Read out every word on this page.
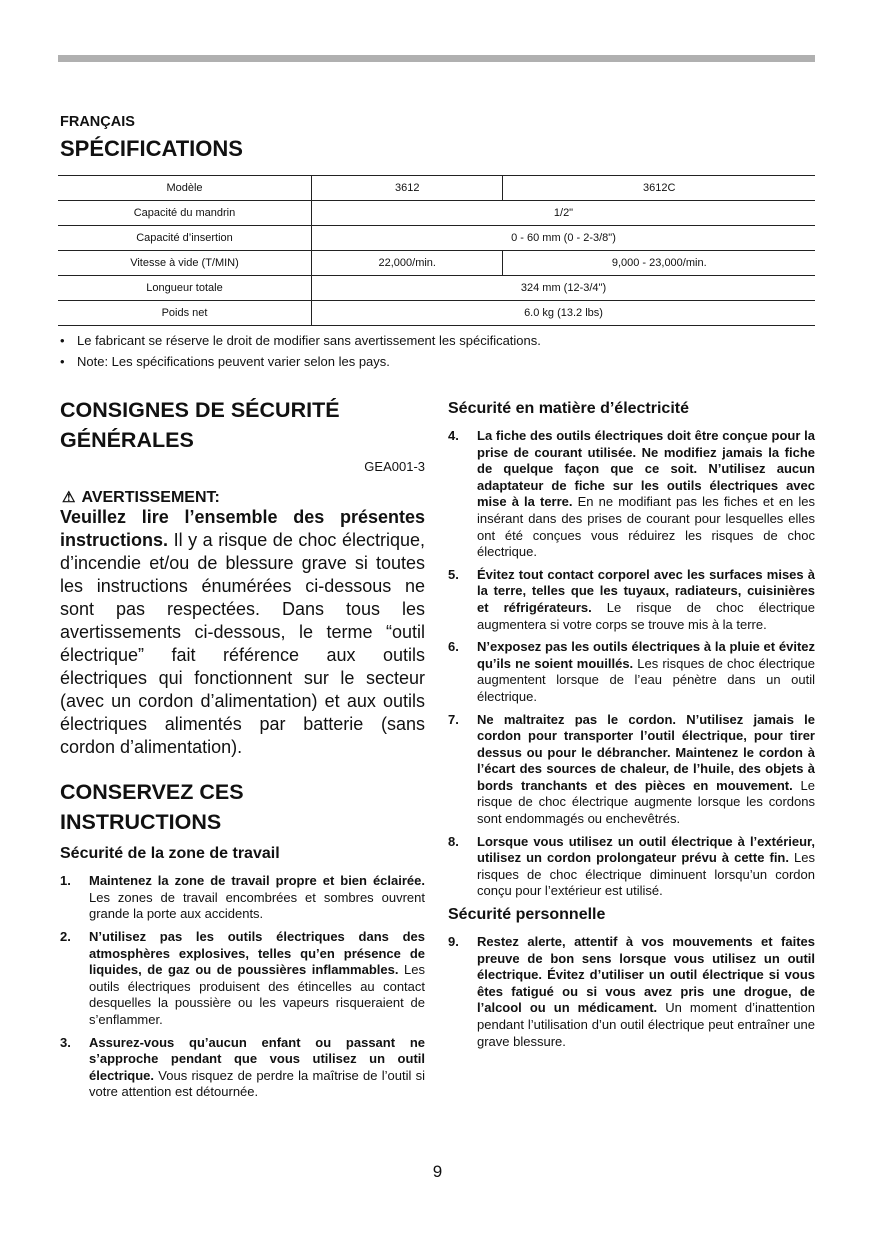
FRANÇAIS
SPÉCIFICATIONS
Modèle	3612	3612C
Capacité du mandrin	1/2"	
Capacité d’insertion	0 - 60 mm (0 - 2-3/8")	
Vitesse à vide (T/MIN)	22,000/min.	9,000 - 23,000/min.
Longueur totale	324 mm (12-3/4")	
Poids net	6.0 kg (13.2 lbs)	
• Le fabricant se réserve le droit de modifier sans avertissement les spécifications.
• Note: Les spécifications peuvent varier selon les pays.
CONSIGNES DE SÉCURITÉ GÉNÉRALES
GEA001-3
⚠ AVERTISSEMENT:
Veuillez lire l’ensemble des présentes instructions. Il y a risque de choc électrique, d’incendie et/ou de blessure grave si toutes les instructions énumérées ci-dessous ne sont pas respectées. Dans tous les avertissements ci-dessous, le terme “outil électrique” fait référence aux outils électriques qui fonctionnent sur le secteur (avec un cordon d’alimentation) et aux outils électriques alimentés par batterie (sans cordon d’alimentation).
CONSERVEZ CES INSTRUCTIONS
Sécurité de la zone de travail
1.	Maintenez la zone de travail propre et bien éclairée. Les zones de travail encombrées et sombres ouvrent grande la porte aux accidents.
2.	N’utilisez pas les outils électriques dans des atmosphères explosives, telles qu’en présence de liquides, de gaz ou de poussières inflammables. Les outils électriques produisent des étincelles au contact desquelles la poussière ou les vapeurs risqueraient de s’enflammer.
3.	Assurez-vous qu’aucun enfant ou passant ne s’approche pendant que vous utilisez un outil électrique. Vous risquez de perdre la maîtrise de l’outil si votre attention est détournée.
Sécurité en matière d’électricité
4.	La fiche des outils électriques doit être conçue pour la prise de courant utilisée. Ne modifiez jamais la fiche de quelque façon que ce soit. N’utilisez aucun adaptateur de fiche sur les outils électriques avec mise à la terre. En ne modifiant pas les fiches et en les insérant dans des prises de courant pour lesquelles elles ont été conçues vous réduirez les risques de choc électrique.
5.	Évitez tout contact corporel avec les surfaces mises à la terre, telles que les tuyaux, radiateurs, cuisinières et réfrigérateurs. Le risque de choc électrique augmentera si votre corps se trouve mis à la terre.
6.	N’exposez pas les outils électriques à la pluie et évitez qu’ils ne soient mouillés. Les risques de choc électrique augmentent lorsque de l’eau pénètre dans un outil électrique.
7.	Ne maltraitez pas le cordon. N’utilisez jamais le cordon pour transporter l’outil électrique, pour tirer dessus ou pour le débrancher. Maintenez le cordon à l’écart des sources de chaleur, de l’huile, des objets à bords tranchants et des pièces en mouvement. Le risque de choc électrique augmente lorsque les cordons sont endommagés ou enchevêtrés.
8.	Lorsque vous utilisez un outil électrique à l’extérieur, utilisez un cordon prolongateur prévu à cette fin. Les risques de choc électrique diminuent lorsqu’un cordon conçu pour l’extérieur est utilisé.
Sécurité personnelle
9.	Restez alerte, attentif à vos mouvements et faites preuve de bon sens lorsque vous utilisez un outil électrique. Évitez d’utiliser un outil électrique si vous êtes fatigué ou si vous avez pris une drogue, de l’alcool ou un médicament. Un moment d’inattention pendant l’utilisation d’un outil électrique peut entraîner une grave blessure.
9
